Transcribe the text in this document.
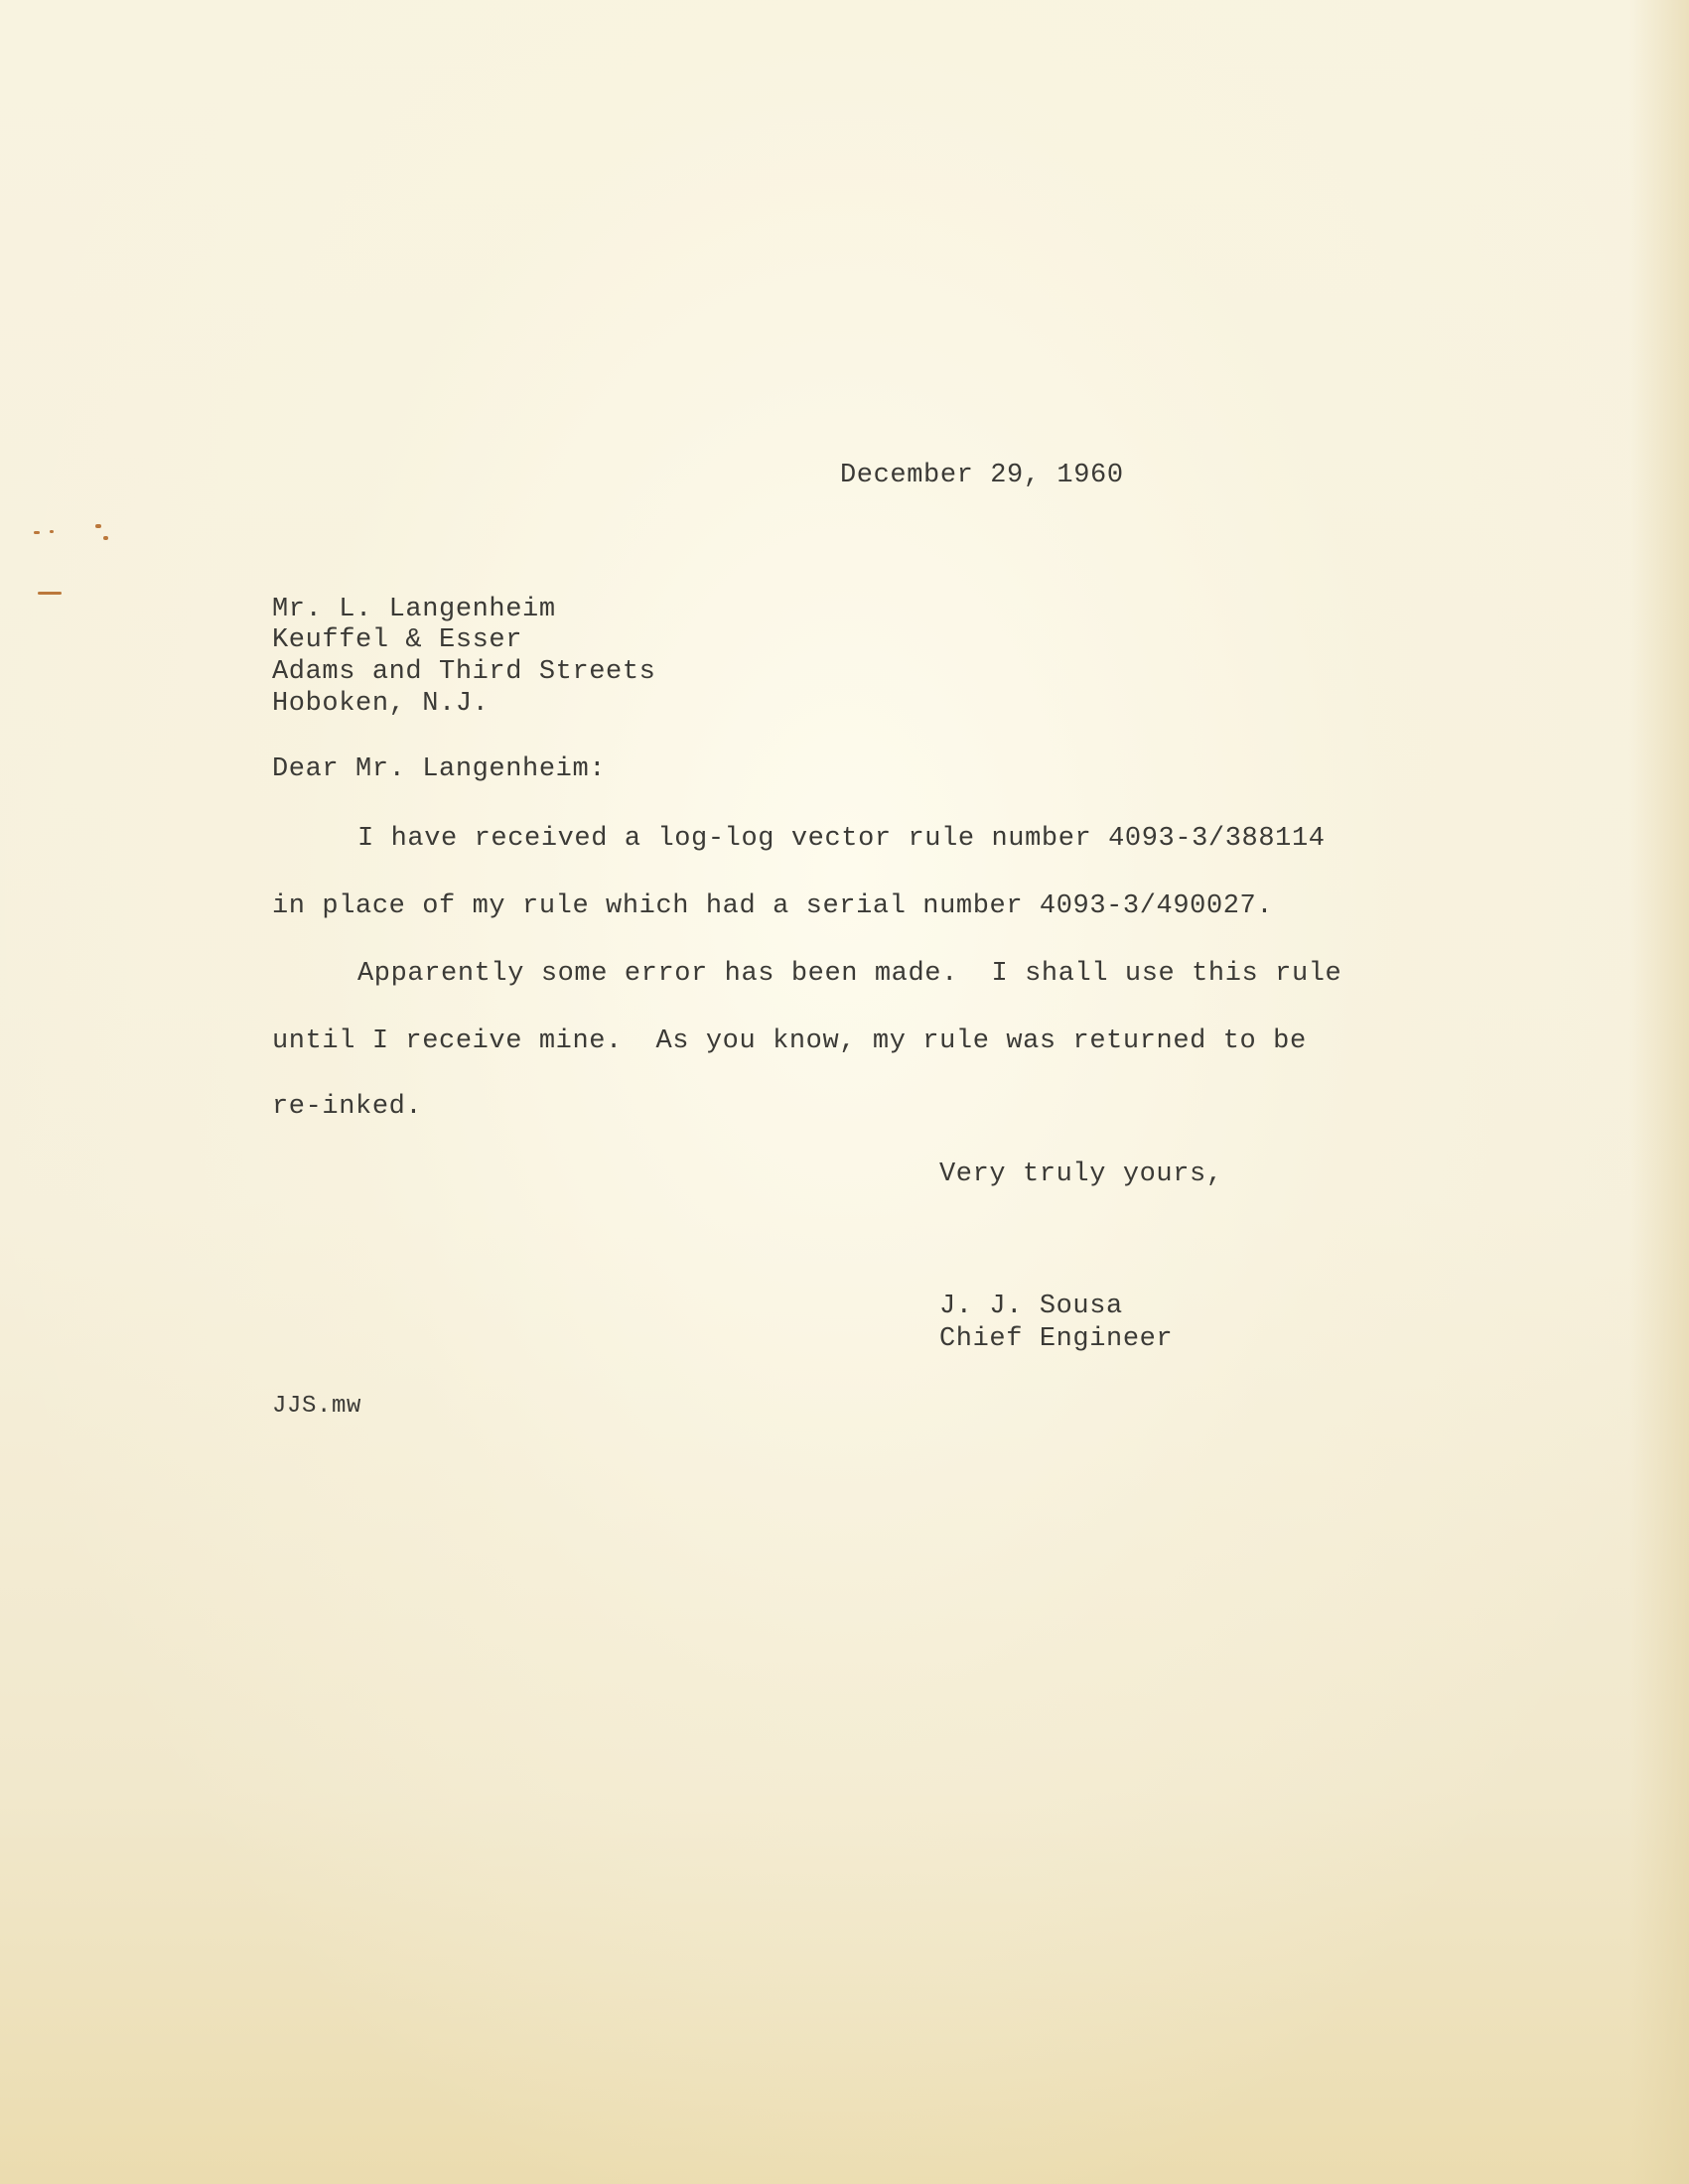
December 29, 1960
Mr. L. Langenheim
Keuffel & Esser
Adams and Third Streets
Hoboken, N.J.
Dear Mr. Langenheim:
I have received a log-log vector rule number 4093-3/388114
in place of my rule which had a serial number 4093-3/490027.
Apparently some error has been made.  I shall use this rule
until I receive mine.  As you know, my rule was returned to be
re-inked.
Very truly yours,
J. J. Sousa
Chief Engineer
JJS.mw
